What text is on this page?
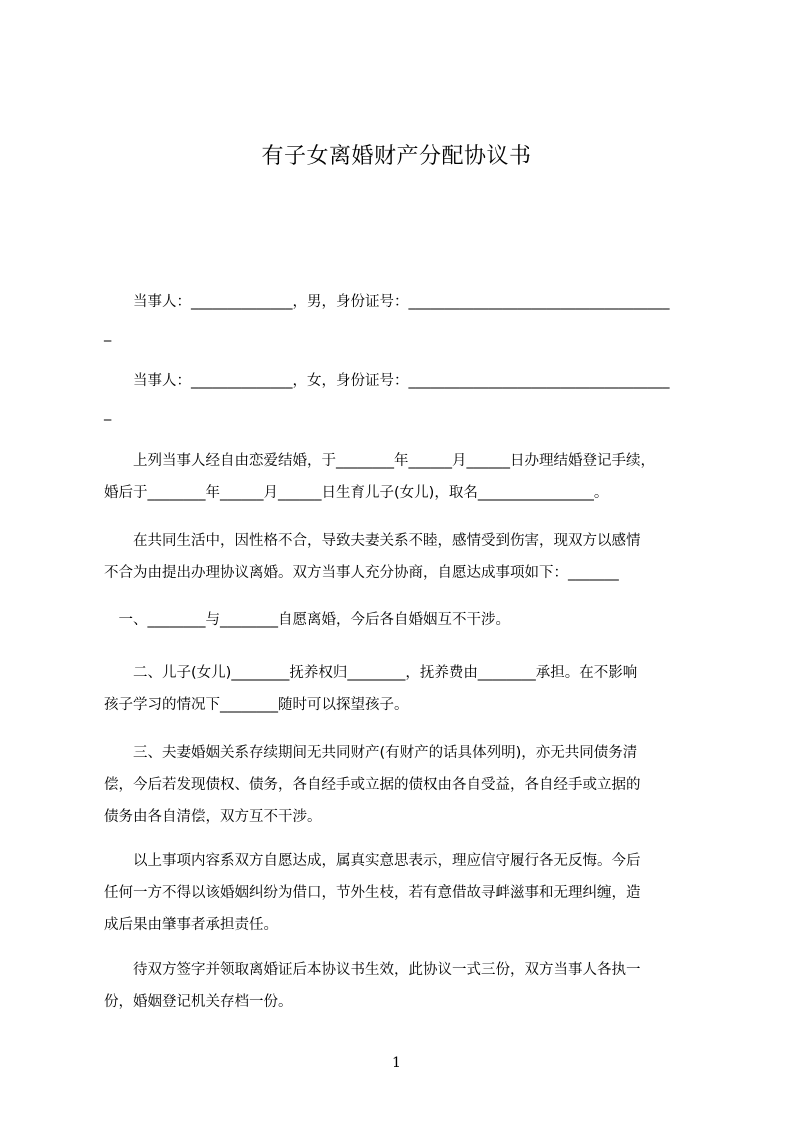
有子女离婚财产分配协议书
　　当事人：______________，男，身份证号：____________________________________
_
　　当事人：______________，女，身份证号：____________________________________
_
　　上列当事人经自由恋爱结婚，于________年______月______日办理结婚登记手续，
婚后于________年______月______日生育儿子(女儿)，取名________________。
　　在共同生活中，因性格不合，导致夫妻关系不睦，感情受到伤害，现双方以感情
不合为由提出办理协议离婚。双方当事人充分协商，自愿达成事项如下：_______
　一、________与________自愿离婚，今后各自婚姻互不干涉。
　　二、儿子(女儿)________抚养权归________，抚养费由________承担。在不影响
孩子学习的情况下________随时可以探望孩子。
　　三、夫妻婚姻关系存续期间无共同财产(有财产的话具体列明)，亦无共同债务清
偿，今后若发现债权、债务，各自经手或立据的债权由各自受益，各自经手或立据的
债务由各自清偿，双方互不干涉。
　　以上事项内容系双方自愿达成，属真实意思表示，理应信守履行各无反悔。今后
任何一方不得以该婚姻纠纷为借口，节外生枝，若有意借故寻衅滋事和无理纠缠，造
成后果由肇事者承担责任。
　　待双方签字并领取离婚证后本协议书生效，此协议一式三份，双方当事人各执一
份，婚姻登记机关存档一份。
1
